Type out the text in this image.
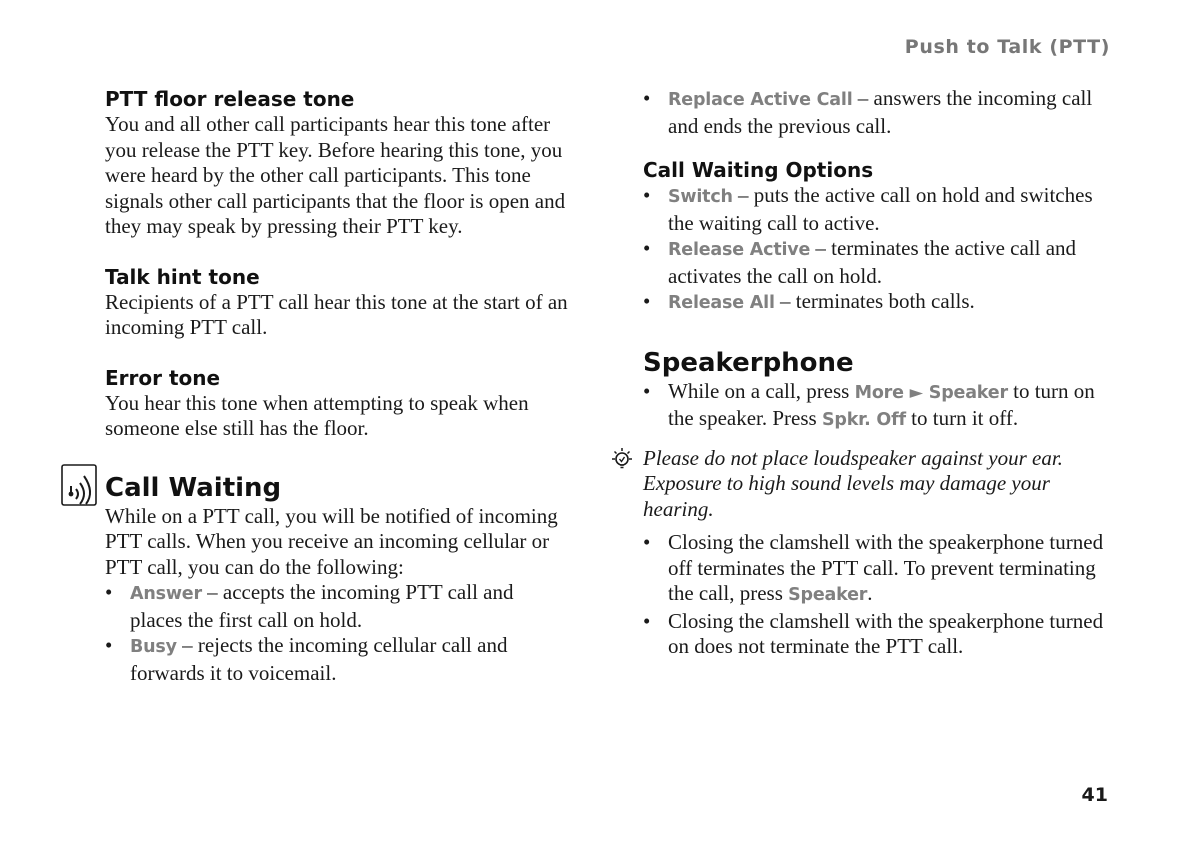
Push to Talk (PTT)
PTT floor release tone

You and all other call participants hear this tone after you release the PTT key. Before hearing this tone, you were heard by the other call participants. This tone signals other call participants that the floor is open and they may speak by pressing their PTT key.

Talk hint tone

Recipients of a PTT call hear this tone at the start of an incoming PTT call.

Error tone

You hear this tone when attempting to speak when someone else still has the floor.

Call Waiting

While on a PTT call, you will be notified of incoming PTT calls. When you receive an incoming cellular or PTT call, you can do the following:

• Answer – accepts the incoming PTT call and places the first call on hold.
• Busy – rejects the incoming cellular call and forwards it to voicemail.
• Replace Active Call – answers the incoming call and ends the previous call.
Call Waiting Options
• Switch – puts the active call on hold and switches the waiting call to active.
• Release Active – terminates the active call and activates the call on hold.
• Release All – terminates both calls.
Speakerphone
• While on a call, press More ► Speaker to turn on the speaker. Press Spkr. Off to turn it off.

Please do not place loudspeaker against your ear. Exposure to high sound levels may damage your hearing.

• Closing the clamshell with the speakerphone turned off terminates the PTT call. To prevent terminating the call, press Speaker.
• Closing the clamshell with the speakerphone turned on does not terminate the PTT call.
41
